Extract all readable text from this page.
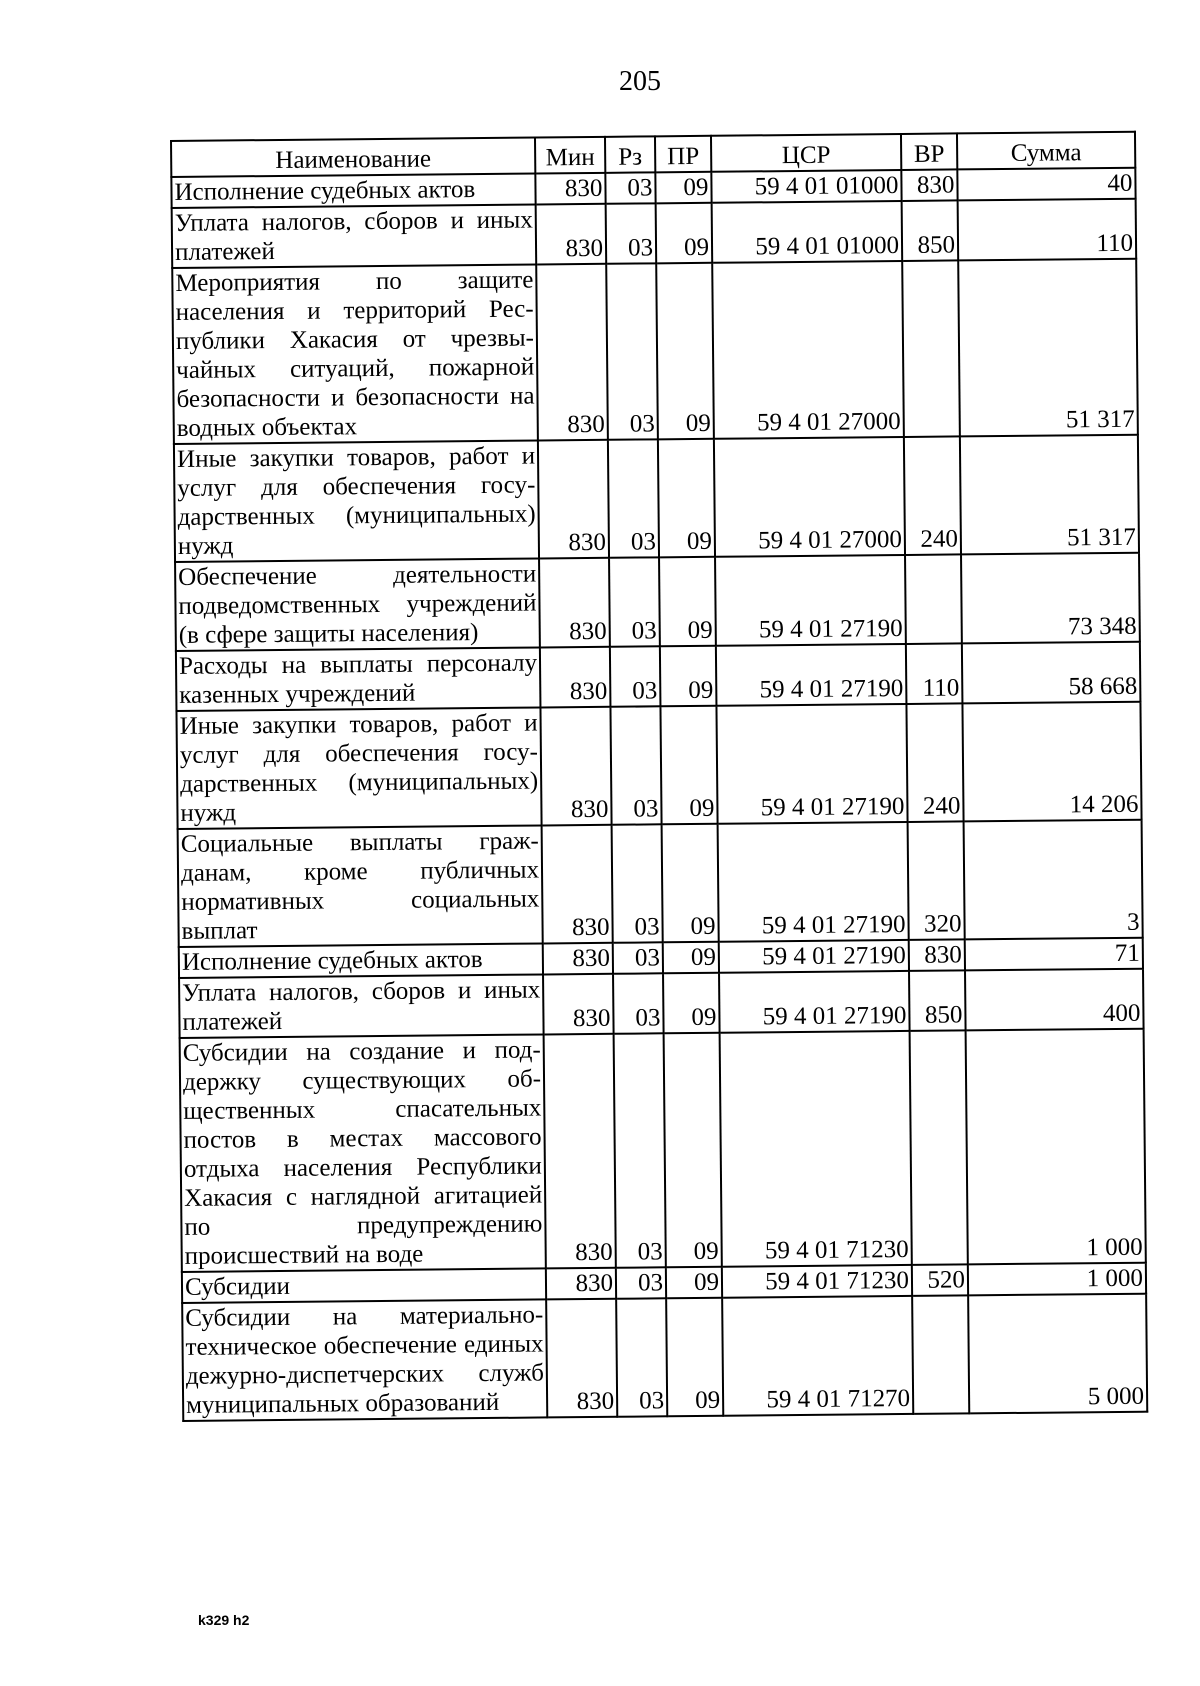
205
Наименование	Мин	Рз	ПР	ЦСР	ВР	Сумма
Исполнение судебных актов	830	03	09	59 4 01 01000	830	40
Уплата налогов, сборов и иных платежей	830	03	09	59 4 01 01000	850	110
Мероприятия по защите населения и территорий Республики Хакасия от чрезвычайных ситуаций, пожарной безопасности и безопасности на водных объектах	830	03	09	59 4 01 27000		51 317
Иные закупки товаров, работ и услуг для обеспечения государственных (муниципальных) нужд	830	03	09	59 4 01 27000	240	51 317
Обеспечение деятельности подведомственных учреждений (в сфере защиты населения)	830	03	09	59 4 01 27190		73 348
Расходы на выплаты персоналу казенных учреждений	830	03	09	59 4 01 27190	110	58 668
Иные закупки товаров, работ и услуг для обеспечения государственных (муниципальных) нужд	830	03	09	59 4 01 27190	240	14 206
Социальные выплаты гражданам, кроме публичных нормативных социальных выплат	830	03	09	59 4 01 27190	320	3
Исполнение судебных актов	830	03	09	59 4 01 27190	830	71
Уплата налогов, сборов и иных платежей	830	03	09	59 4 01 27190	850	400
Субсидии на создание и поддержку существующих общественных спасательных постов в местах массового отдыха населения Республики Хакасия с наглядной агитацией по предупреждению происшествий на воде	830	03	09	59 4 01 71230		1 000
Субсидии	830	03	09	59 4 01 71230	520	1 000
Субсидии на материально-техническое обеспечение единых дежурно-диспетчерских служб муниципальных образований	830	03	09	59 4 01 71270		5 000
k329 h2
